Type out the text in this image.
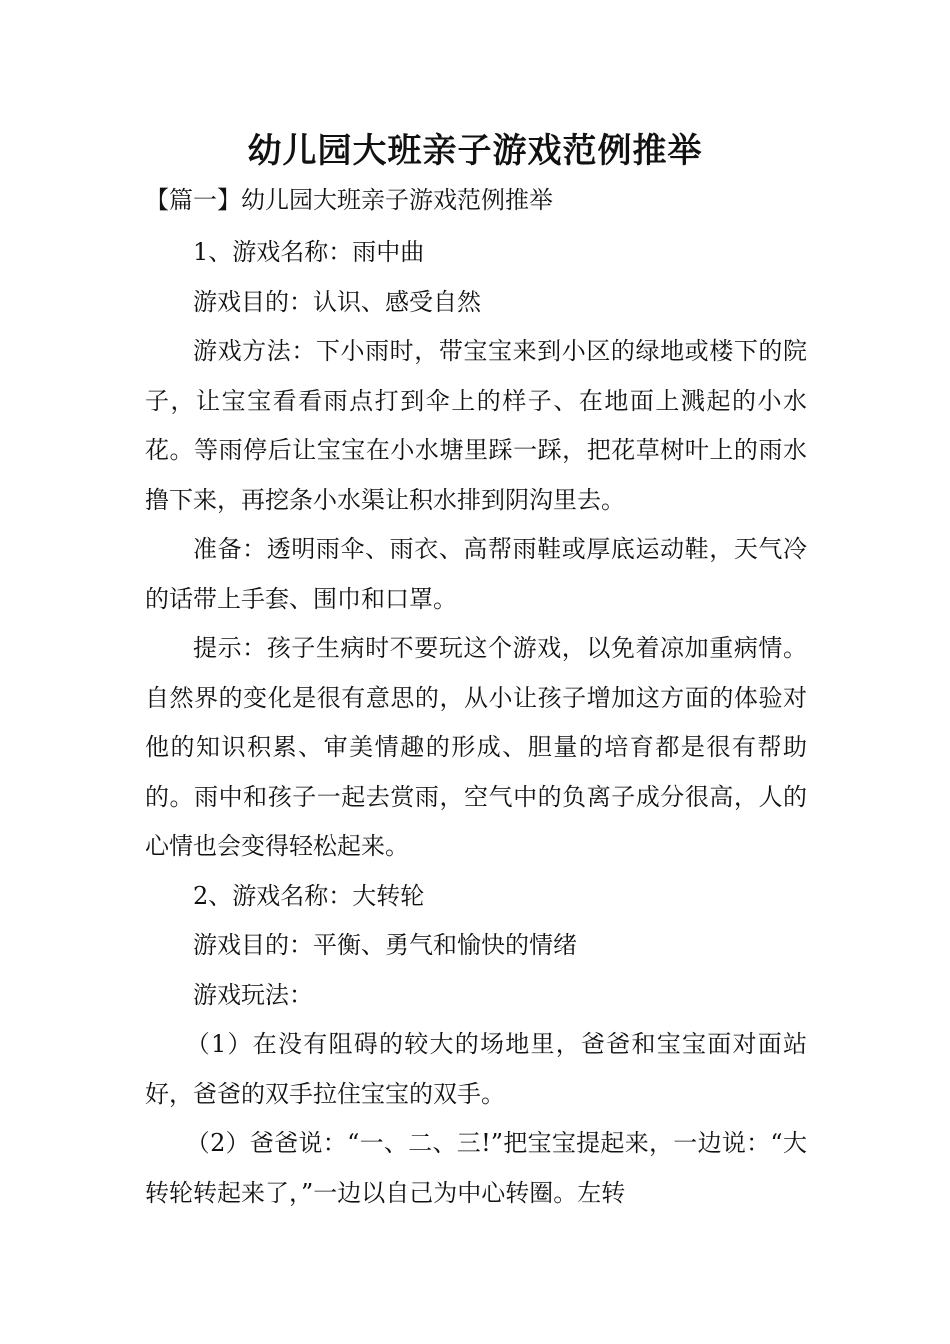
幼儿园大班亲子游戏范例推举
【篇一】幼儿园大班亲子游戏范例推举

1、游戏名称：雨中曲

游戏目的：认识、感受自然

游戏方法：下小雨时，带宝宝来到小区的绿地或楼下的院子，让宝宝看看雨点打到伞上的样子、在地面上溅起的小水花。等雨停后让宝宝在小水塘里踩一踩，把花草树叶上的雨水撸下来，再挖条小水渠让积水排到阴沟里去。

准备：透明雨伞、雨衣、高帮雨鞋或厚底运动鞋，天气冷的话带上手套、围巾和口罩。

提示：孩子生病时不要玩这个游戏，以免着凉加重病情。自然界的变化是很有意思的，从小让孩子增加这方面的体验对他的知识积累、审美情趣的形成、胆量的培育都是很有帮助的。雨中和孩子一起去赏雨，空气中的负离子成分很高，人的心情也会变得轻松起来。

2、游戏名称：大转轮

游戏目的：平衡、勇气和愉快的情绪

游戏玩法：

（1）在没有阻碍的较大的场地里，爸爸和宝宝面对面站好，爸爸的双手拉住宝宝的双手。

（2）爸爸说：“一、二、三!”把宝宝提起来，一边说：“大转轮转起来了，”一边以自己为中心转圈。左转
